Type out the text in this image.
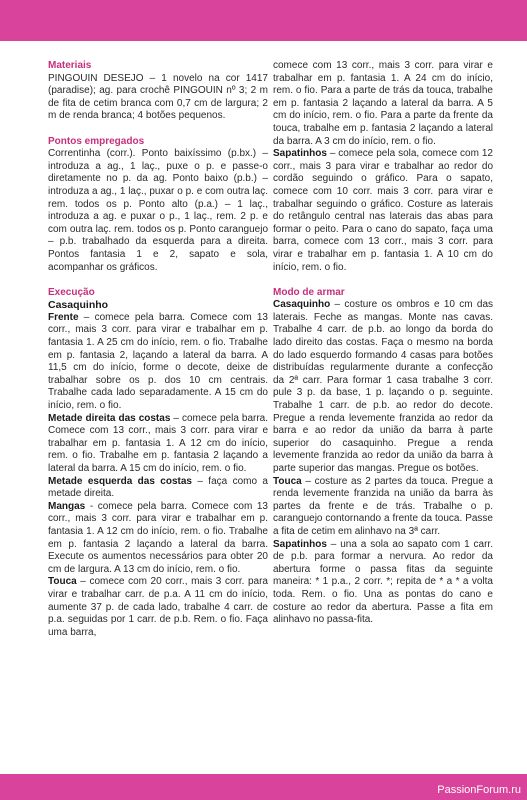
Materiais

PINGOUIN DESEJO – 1 novelo na cor 1417 (paradise); ag. para crochê PINGOUIN nº 3; 2 m de fita de cetim branca com 0,7 cm de largura; 2 m de renda branca; 4 botões pequenos.

Pontos empregados

Correntinha (corr.). Ponto baixíssimo (p.bx.) – introduza a ag., 1 laç., puxe o p. e passe-o diretamente no p. da ag. Ponto baixo (p.b.) – introduza a ag., 1 laç., puxar o p. e com outra laç. rem. todos os p. Ponto alto (p.a.) – 1 laç., introduza a ag. e puxar o p., 1 laç., rem. 2 p. e com outra laç. rem. todos os p. Ponto caranguejo – p.b. trabalhado da esquerda para a direita. Pontos fantasia 1 e 2, sapato e sola, acompanhar os gráficos.

Execução

Casaquinho

Frente – comece pela barra. Comece com 13 corr., mais 3 corr. para virar e trabalhar em p. fantasia 1. A 25 cm do início, rem. o fio. Trabalhe em p. fantasia 2, laçando a lateral da barra. A 11,5 cm do início, forme o decote, deixe de trabalhar sobre os p. dos 10 cm centrais. Trabalhe cada lado separadamente. A 15 cm do início, rem. o fio.

Metade direita das costas – comece pela barra. Comece com 13 corr., mais 3 corr. para virar e trabalhar em p. fantasia 1. A 12 cm do início, rem. o fio. Trabalhe em p. fantasia 2 laçando a lateral da barra. A 15 cm do início, rem. o fio.

Metade esquerda das costas – faça como a metade direita.

Mangas - comece pela barra. Comece com 13 corr., mais 3 corr. para virar e trabalhar em p. fantasia 1. A 12 cm do início, rem. o fio. Trabalhe em p. fantasia 2 laçando a lateral da barra. Execute os aumentos necessários para obter 20 cm de largura. A 13 cm do início, rem. o fio.

Touca – comece com 20 corr., mais 3 corr. para virar e trabalhar carr. de p.a. A 11 cm do início, aumente 37 p. de cada lado, trabalhe 4 carr. de p.a. seguidas por 1 carr. de p.b. Rem. o fio. Faça uma barra,

comece com 13 corr., mais 3 corr. para virar e trabalhar em p. fantasia 1. A 24 cm do início, rem. o fio. Para a parte de trás da touca, trabalhe em p. fantasia 2 laçando a lateral da barra. A 5 cm do início, rem. o fio. Para a parte da frente da touca, trabalhe em p. fantasia 2 laçando a lateral da barra. A 3 cm do início, rem. o fio.

Sapatinhos – comece pela sola, comece com 12 corr., mais 3 para virar e trabalhar ao redor do cordão seguindo o gráfico. Para o sapato, comece com 10 corr. mais 3 corr. para virar e trabalhar seguindo o gráfico. Costure as laterais do retângulo central nas laterais das abas para formar o peito. Para o cano do sapato, faça uma barra, comece com 13 corr., mais 3 corr. para virar e trabalhar em p. fantasia 1. A 10 cm do início, rem. o fio.

Modo de armar

Casaquinho – costure os ombros e 10 cm das laterais. Feche as mangas. Monte nas cavas. Trabalhe 4 carr. de p.b. ao longo da borda do lado direito das costas. Faça o mesmo na borda do lado esquerdo formando 4 casas para botões distribuídas regularmente durante a confecção da 2ª carr. Para formar 1 casa trabalhe 3 corr. pule 3 p. da base, 1 p. laçando o p. seguinte. Trabalhe 1 carr. de p.b. ao redor do decote. Pregue a renda levemente franzida ao redor da barra e ao redor da união da barra à parte superior do casaquinho. Pregue a renda levemente franzida ao redor da união da barra à parte superior das mangas. Pregue os botões.

Touca – costure as 2 partes da touca. Pregue a renda levemente franzida na união da barra às partes da frente e de trás. Trabalhe o p. caranguejo contornando a frente da touca. Passe a fita de cetim em alinhavo na 3ª carr.

Sapatinhos – una a sola ao sapato com 1 carr. de p.b. para formar a nervura. Ao redor da abertura forme o passa fitas da seguinte maneira: * 1 p.a., 2 corr. *; repita de * a * a volta toda. Rem. o fio. Una as pontas do cano e costure ao redor da abertura. Passe a fita em alinhavo no passa-fita.

PassionForum.ru
